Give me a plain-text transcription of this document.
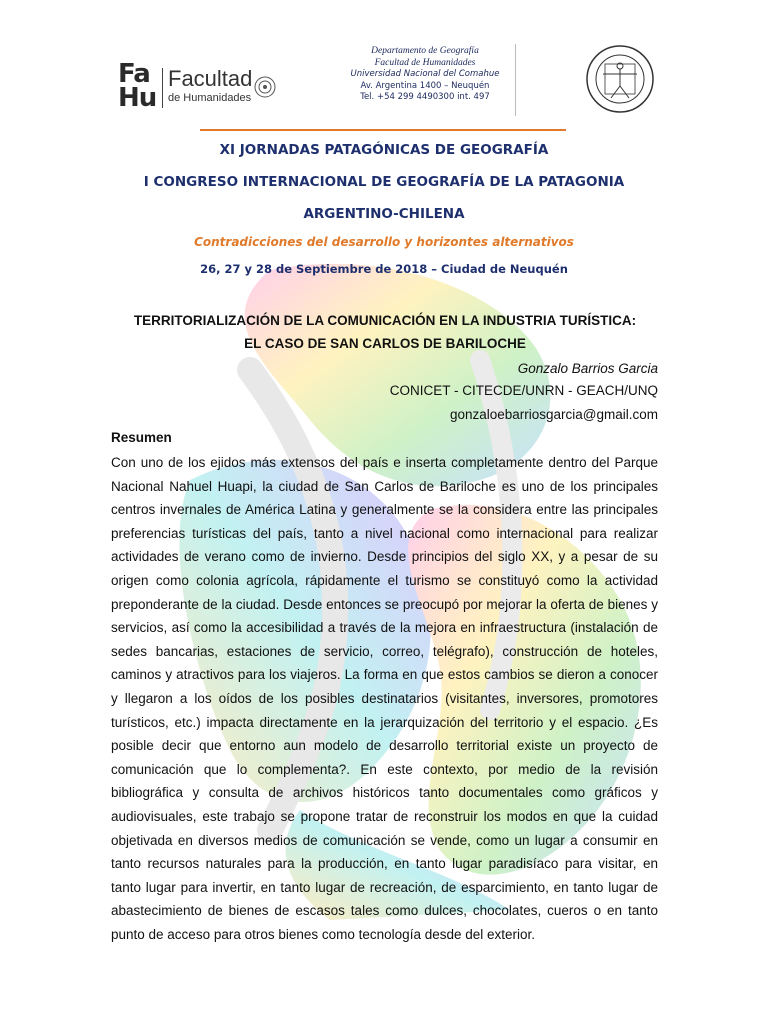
Fa
Hu
Facultad
de Humanidades
Departamento de Geografía
Facultad de Humanidades
Universidad Nacional del Comahue
Av. Argentina 1400 – Neuquén
Tel. +54 299 4490300 int. 497
XI JORNADAS PATAGÓNICAS DE GEOGRAFÍA
I CONGRESO INTERNACIONAL DE GEOGRAFÍA DE LA PATAGONIA
ARGENTINO-CHILENA
Contradicciones del desarrollo y horizontes alternativos
26, 27 y 28 de Septiembre de 2018 – Ciudad de Neuquén
TERRITORIALIZACIÓN DE LA COMUNICACIÓN EN LA INDUSTRIA TURÍSTICA:
EL CASO DE SAN CARLOS DE BARILOCHE
Gonzalo Barrios Garcia
CONICET - CITECDE/UNRN - GEACH/UNQ
gonzaloebarriosgarcia@gmail.com
Resumen

Con uno de los ejidos más extensos del país e inserta completamente dentro del Parque Nacional Nahuel Huapi, la ciudad de San Carlos de Bariloche es uno de los principales centros invernales de América Latina y generalmente se la considera entre las principales preferencias turísticas del país, tanto a nivel nacional como internacional para realizar actividades de verano como de invierno. Desde principios del siglo XX, y a pesar de su origen como colonia agrícola, rápidamente el turismo se constituyó como la actividad preponderante de la ciudad. Desde entonces se preocupó por mejorar la oferta de bienes y servicios, así como la accesibilidad a través de la mejora en infraestructura (instalación de sedes bancarias, estaciones de servicio, correo, telégrafo), construcción de hoteles, caminos y atractivos para los viajeros. La forma en que estos cambios se dieron a conocer y llegaron a los oídos de los posibles destinatarios (visitantes, inversores, promotores turísticos, etc.) impacta directamente en la jerarquización del territorio y el espacio. ¿Es posible decir que entorno aun modelo de desarrollo territorial existe un proyecto de comunicación que lo complementa?. En este contexto, por medio de la revisión bibliográfica y consulta de archivos históricos tanto documentales como gráficos y audiovisuales, este trabajo se propone tratar de reconstruir los modos en que la cuidad objetivada en diversos medios de comunicación se vende, como un lugar a consumir en tanto recursos naturales para la producción, en tanto lugar paradisíaco para visitar, en tanto lugar para invertir, en tanto lugar de recreación, de esparcimiento, en tanto lugar de abastecimiento de bienes de escasos tales como dulces, chocolates, cueros o en tanto punto de acceso para otros bienes como tecnología desde del exterior.
